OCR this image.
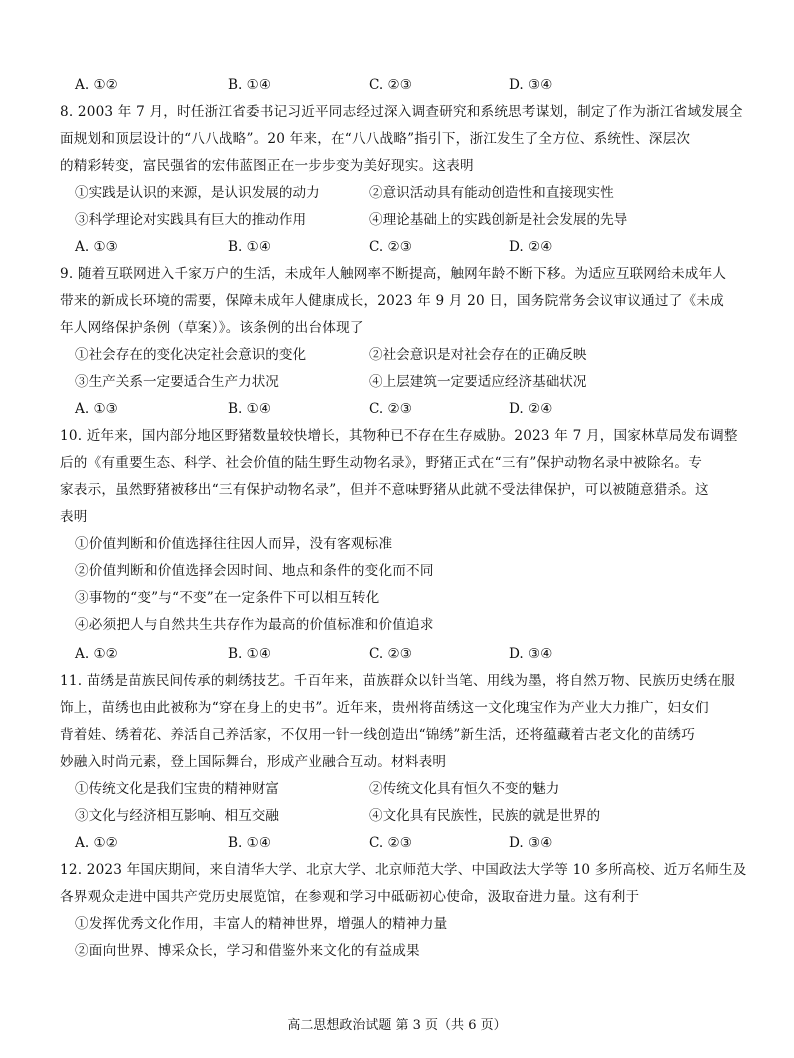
A. ①②	B. ①④	C. ②③	D. ③④
8. 2003 年 7 月，时任浙江省委书记习近平同志经过深入调查研究和系统思考谋划，制定了作为浙江省域发展全
面规划和顶层设计的“八八战略”。20 年来，在“八八战略”指引下，浙江发生了全方位、系统性、深层次
的精彩转变，富民强省的宏伟蓝图正在一步步变为美好现实。这表明
①实践是认识的来源，是认识发展的动力	②意识活动具有能动创造性和直接现实性
③科学理论对实践具有巨大的推动作用	④理论基础上的实践创新是社会发展的先导
A. ①③	B. ①④	C. ②③	D. ②④
9. 随着互联网进入千家万户的生活，未成年人触网率不断提高，触网年龄不断下移。为适应互联网给未成年人
带来的新成长环境的需要，保障未成年人健康成长，2023 年 9 月 20 日，国务院常务会议审议通过了《未成
年人网络保护条例（草案）》。该条例的出台体现了
①社会存在的变化决定社会意识的变化	②社会意识是对社会存在的正确反映
③生产关系一定要适合生产力状况	④上层建筑一定要适应经济基础状况
A. ①③	B. ①④	C. ②③	D. ②④
10. 近年来，国内部分地区野猪数量较快增长，其物种已不存在生存威胁。2023 年 7 月，国家林草局发布调整
后的《有重要生态、科学、社会价值的陆生野生动物名录》，野猪正式在“三有”保护动物名录中被除名。专
家表示，虽然野猪被移出“三有保护动物名录”，但并不意味野猪从此就不受法律保护，可以被随意猎杀。这
表明
①价值判断和价值选择往往因人而异，没有客观标准
②价值判断和价值选择会因时间、地点和条件的变化而不同
③事物的“变”与“不变”在一定条件下可以相互转化
④必须把人与自然共生共存作为最高的价值标准和价值追求
A. ①②	B. ①④	C. ②③	D. ③④
11. 苗绣是苗族民间传承的刺绣技艺。千百年来，苗族群众以针当笔、用线为墨，将自然万物、民族历史绣在服
饰上，苗绣也由此被称为“穿在身上的史书”。近年来，贵州将苗绣这一文化瑰宝作为产业大力推广，妇女们
背着娃、绣着花、养活自己养活家，不仅用一针一线创造出“锦绣”新生活，还将蕴藏着古老文化的苗绣巧
妙融入时尚元素，登上国际舞台，形成产业融合互动。材料表明
①传统文化是我们宝贵的精神财富	②传统文化具有恒久不变的魅力
③文化与经济相互影响、相互交融	④文化具有民族性，民族的就是世界的
A. ①②	B. ①④	C. ②③	D. ③④
12. 2023 年国庆期间，来自清华大学、北京大学、北京师范大学、中国政法大学等 10 多所高校、近万名师生及
各界观众走进中国共产党历史展览馆，在参观和学习中砥砺初心使命，汲取奋进力量。这有利于
①发挥优秀文化作用，丰富人的精神世界，增强人的精神力量
②面向世界、博采众长，学习和借鉴外来文化的有益成果
高二思想政治试题 第 3 页（共 6 页）
